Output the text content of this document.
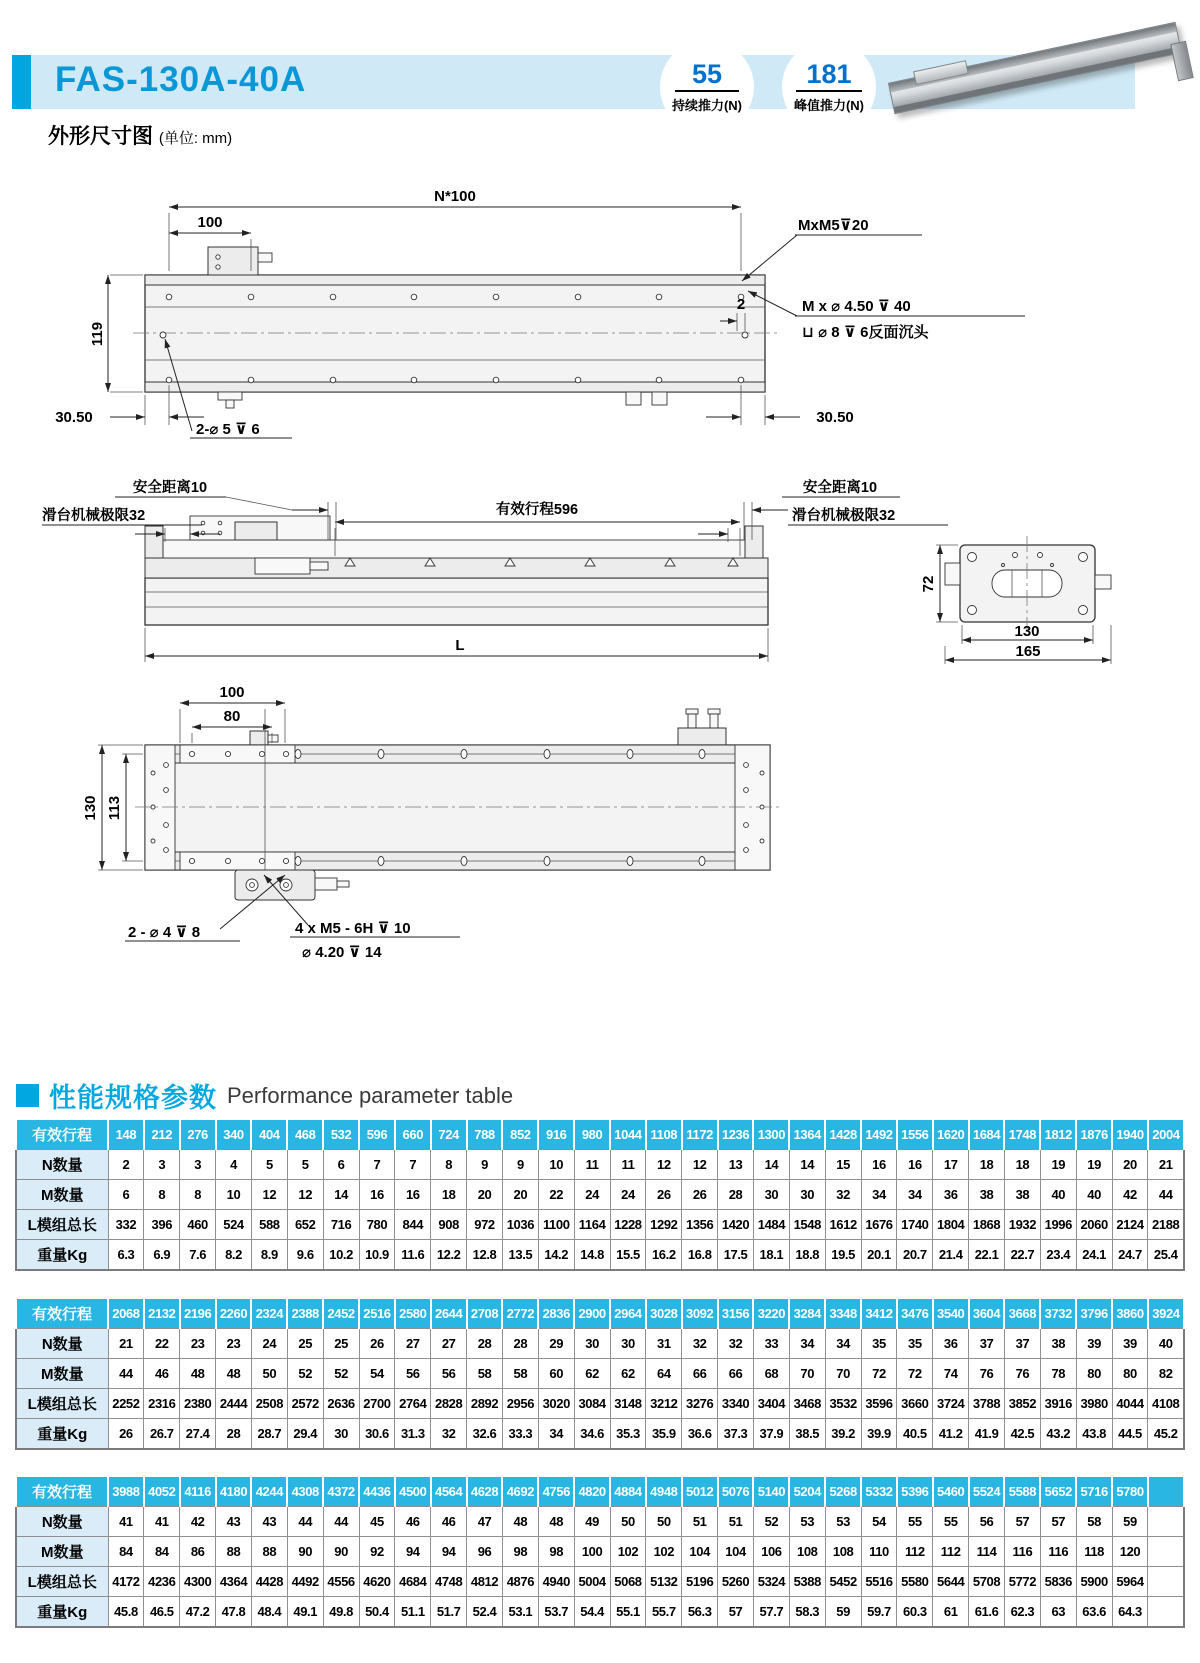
FAS-130A-40A	55
持续推力(N)
181
峰值推力(N)
外形尺寸图 (单位: mm)
N*100
100
119
30.50	30.50
2
2-⌀ 5 ⊽ 6
MxM5⊽20
M x ⌀ 4.50 ⊽ 40
⊔ ⌀ 8 ⊽ 6反面沉头
有效行程596
安全距离10	安全距离10
滑台机械极限32	滑台机械极限32
L
72
130
165
100
80
130 113
2 - ⌀ 4 ⊽ 8	4 x M5 - 6H ⊽ 10
⌀ 4.20 ⊽ 14
性能规格参数 Performance parameter table
有效行程	148	212	276	340	404	468	532	596	660	724	788	852	916	980	1044	1108	1172	1236	1300	1364	1428	1492	1556	1620	1684	1748	1812	1876	1940	2004
N数量	2	3	3	4	5	5	6	7	7	8	9	9	10	11	11	12	12	13	14	14	15	16	16	17	18	18	19	19	20	21
M数量	6	8	8	10	12	12	14	16	16	18	20	20	22	24	24	26	26	28	30	30	32	34	34	36	38	38	40	40	42	44
L模组总长	332	396	460	524	588	652	716	780	844	908	972	1036	1100	1164	1228	1292	1356	1420	1484	1548	1612	1676	1740	1804	1868	1932	1996	2060	2124	2188
重量Kg	6.3	6.9	7.6	8.2	8.9	9.6	10.2	10.9	11.6	12.2	12.8	13.5	14.2	14.8	15.5	16.2	16.8	17.5	18.1	18.8	19.5	20.1	20.7	21.4	22.1	22.7	23.4	24.1	24.7	25.4
有效行程	2068	2132	2196	2260	2324	2388	2452	2516	2580	2644	2708	2772	2836	2900	2964	3028	3092	3156	3220	3284	3348	3412	3476	3540	3604	3668	3732	3796	3860	3924
N数量	21	22	23	23	24	25	25	26	27	27	28	28	29	30	30	31	32	32	33	34	34	35	35	36	37	37	38	39	39	40
M数量	44	46	48	48	50	52	52	54	56	56	58	58	60	62	62	64	66	66	68	70	70	72	72	74	76	76	78	80	80	82
L模组总长	2252	2316	2380	2444	2508	2572	2636	2700	2764	2828	2892	2956	3020	3084	3148	3212	3276	3340	3404	3468	3532	3596	3660	3724	3788	3852	3916	3980	4044	4108
重量Kg	26	26.7	27.4	28	28.7	29.4	30	30.6	31.3	32	32.6	33.3	34	34.6	35.3	35.9	36.6	37.3	37.9	38.5	39.2	39.9	40.5	41.2	41.9	42.5	43.2	43.8	44.5	45.2
有效行程	3988	4052	4116	4180	4244	4308	4372	4436	4500	4564	4628	4692	4756	4820	4884	4948	5012	5076	5140	5204	5268	5332	5396	5460	5524	5588	5652	5716	5780	
N数量	41	41	42	43	43	44	44	45	46	46	47	48	48	49	50	50	51	51	52	53	53	54	55	55	56	57	57	58	59	
M数量	84	84	86	88	88	90	90	92	94	94	96	98	98	100	102	102	104	104	106	108	108	110	112	112	114	116	116	118	120	
L模组总长	4172	4236	4300	4364	4428	4492	4556	4620	4684	4748	4812	4876	4940	5004	5068	5132	5196	5260	5324	5388	5452	5516	5580	5644	5708	5772	5836	5900	5964	
重量Kg	45.8	46.5	47.2	47.8	48.4	49.1	49.8	50.4	51.1	51.7	52.4	53.1	53.7	54.4	55.1	55.7	56.3	57	57.7	58.3	59	59.7	60.3	61	61.6	62.3	63	63.6	64.3	
